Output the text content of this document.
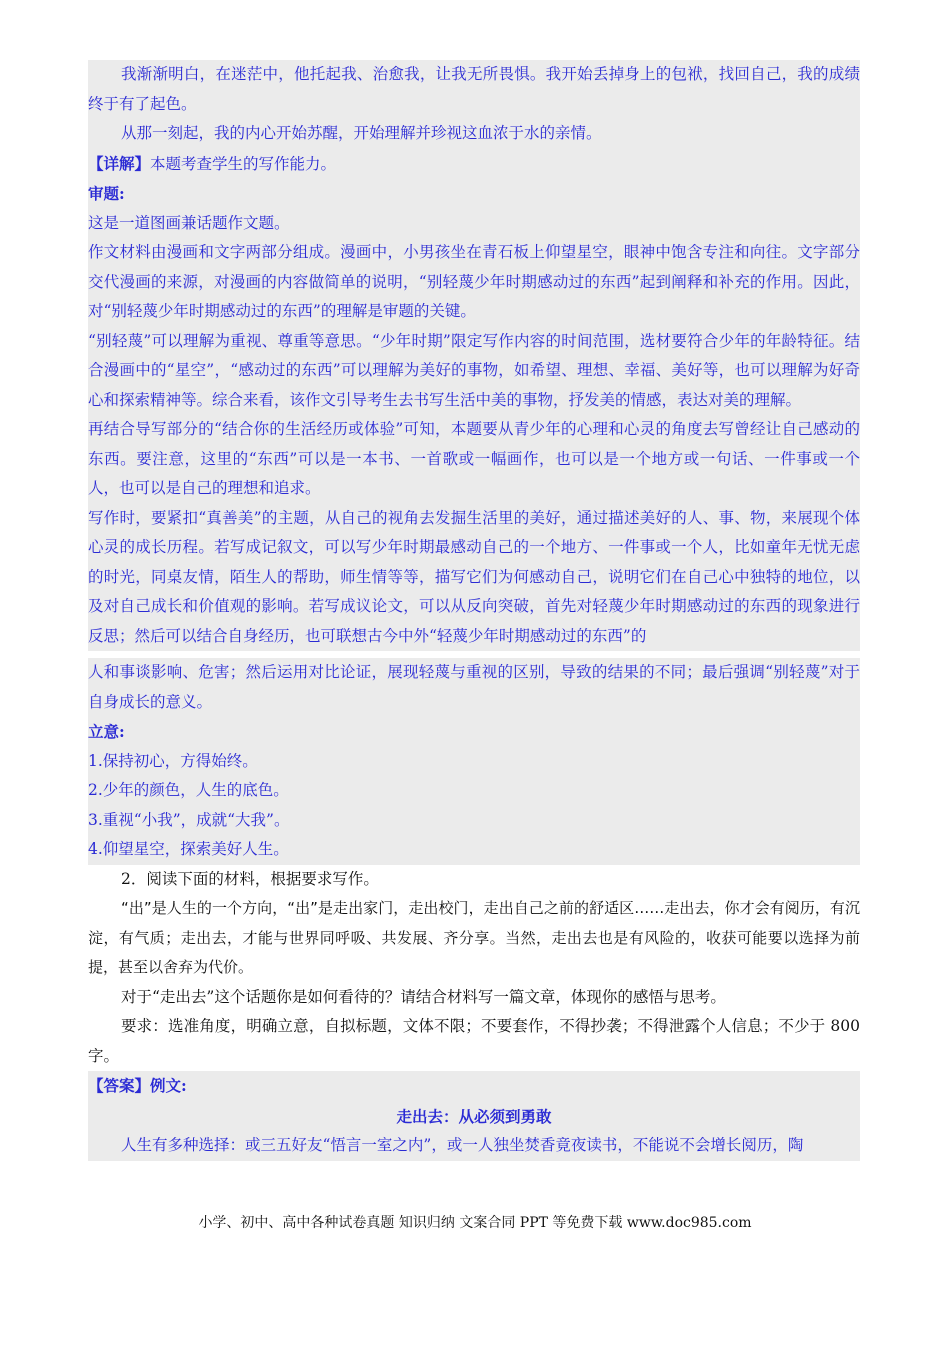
我渐渐明白，在迷茫中，他托起我、治愈我，让我无所畏惧。我开始丢掉身上的包袱，找回自己，我的成绩终于有了起色。

从那一刻起，我的内心开始苏醒，开始理解并珍视这血浓于水的亲情。

【详解】本题考查学生的写作能力。

审题:

这是一道图画兼话题作文题。

作文材料由漫画和文字两部分组成。漫画中，小男孩坐在青石板上仰望星空，眼神中饱含专注和向往。文字部分交代漫画的来源，对漫画的内容做简单的说明，“别轻蔑少年时期感动过的东西”起到阐释和补充的作用。因此，对“别轻蔑少年时期感动过的东西”的理解是审题的关键。

“别轻蔑”可以理解为重视、尊重等意思。“少年时期”限定写作内容的时间范围，选材要符合少年的年龄特征。结合漫画中的“星空”，“感动过的东西”可以理解为美好的事物，如希望、理想、幸福、美好等，也可以理解为好奇心和探索精神等。综合来看，该作文引导考生去书写生活中美的事物，抒发美的情感，表达对美的理解。

再结合导写部分的“结合你的生活经历或体验”可知，本题要从青少年的心理和心灵的角度去写曾经让自己感动的东西。要注意，这里的“东西”可以是一本书、一首歌或一幅画作，也可以是一个地方或一句话、一件事或一个人，也可以是自己的理想和追求。

写作时，要紧扣“真善美”的主题，从自己的视角去发掘生活里的美好，通过描述美好的人、事、物，来展现个体心灵的成长历程。若写成记叙文，可以写少年时期最感动自己的一个地方、一件事或一个人，比如童年无忧无虑的时光，同桌友情，陌生人的帮助，师生情等等，描写它们为何感动自己，说明它们在自己心中独特的地位，以及对自己成长和价值观的影响。若写成议论文，可以从反向突破，首先对轻蔑少年时期感动过的东西的现象进行反思；然后可以结合自身经历，也可联想古今中外“轻蔑少年时期感动过的东西”的

人和事谈影响、危害；然后运用对比论证，展现轻蔑与重视的区别，导致的结果的不同；最后强调“别轻蔑”对于自身成长的意义。

立意:

1.保持初心，方得始终。

2.少年的颜色，人生的底色。

3.重视“小我”，成就“大我”。

4.仰望星空，探索美好人生。

2．阅读下面的材料，根据要求写作。

“出”是人生的一个方向，“出”是走出家门，走出校门，走出自己之前的舒适区……走出去，你才会有阅历，有沉淀，有气质；走出去，才能与世界同呼吸、共发展、齐分享。当然，走出去也是有风险的，收获可能要以选择为前提，甚至以舍弃为代价。

对于“走出去”这个话题你是如何看待的？请结合材料写一篇文章，体现你的感悟与思考。

要求：选准角度，明确立意，自拟标题，文体不限；不要套作，不得抄袭；不得泄露个人信息；不少于 800 字。

【答案】例文:

走出去：从必须到勇敢

人生有多种选择：或三五好友“悟言一室之内”，或一人独坐焚香竟夜读书，不能说不会增长阅历，陶

小学、初中、高中各种试卷真题 知识归纳 文案合同 PPT 等免费下载 www.doc985.com
